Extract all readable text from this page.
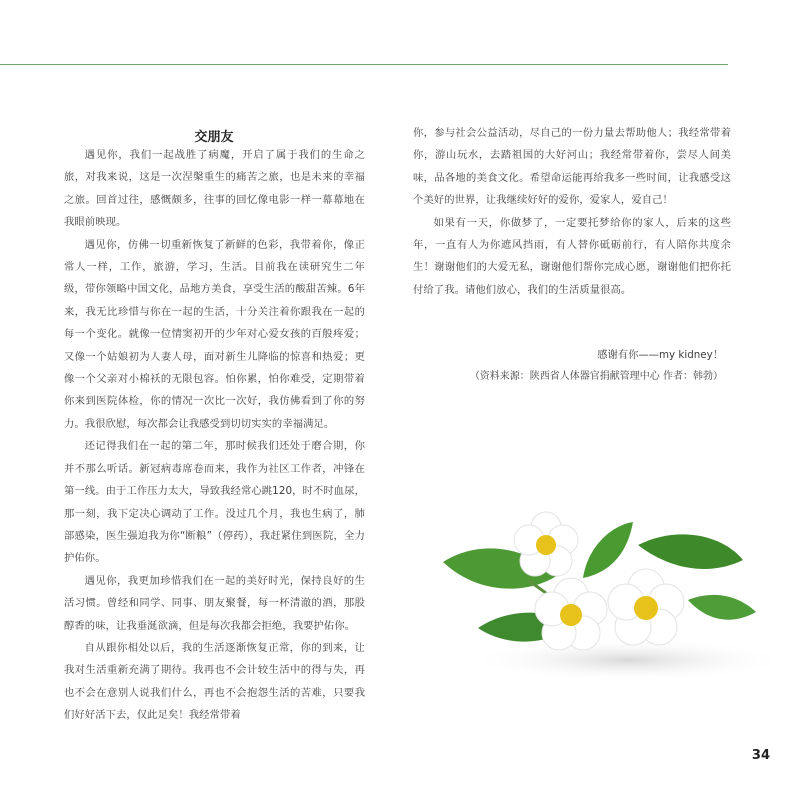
交朋友

遇见你，我们一起战胜了病魔，开启了属于我们的生命之旅，对我来说，这是一次涅槃重生的痛苦之旅，也是未来的幸福之旅。回首过往，感慨颇多，往事的回忆像电影一样一幕幕地在我眼前映现。

遇见你，仿佛一切重新恢复了新鲜的色彩，我带着你，像正常人一样，工作，旅游，学习，生活。目前我在读研究生二年级，带你领略中国文化，品地方美食，享受生活的酸甜苦辣。6年来，我无比珍惜与你在一起的生活，十分关注着你跟我在一起的每一个变化。就像一位情窦初开的少年对心爱女孩的百般疼爱；又像一个姑娘初为人妻人母，面对新生儿降临的惊喜和热爱；更像一个父亲对小棉袄的无限包容。怕你累，怕你难受，定期带着你来到医院体检，你的情况一次比一次好，我仿佛看到了你的努力。我很欣慰，每次都会让我感受到切切实实的幸福满足。

还记得我们在一起的第二年，那时候我们还处于磨合期，你并不那么听话。新冠病毒席卷而来，我作为社区工作者，冲锋在第一线。由于工作压力太大，导致我经常心跳120，时不时血尿，那一刻，我下定决心调动了工作。没过几个月，我也生病了，肺部感染，医生强迫我为你“断粮”（停药），我赶紧住到医院，全力护佑你。

遇见你，我更加珍惜我们在一起的美好时光，保持良好的生活习惯。曾经和同学、同事、朋友聚餐，每一杯清澈的酒，那股醇香的味，让我垂涎欲滴，但是每次我都会拒绝，我要护佑你。

自从跟你相处以后，我的生活逐渐恢复正常，你的到来，让我对生活重新充满了期待。我再也不会计较生活中的得与失，再也不会在意别人说我们什么，再也不会抱怨生活的苦难，只要我们好好活下去，仅此足矣！我经常带着

你，参与社会公益活动，尽自己的一份力量去帮助他人；我经常带着你，游山玩水，去踏祖国的大好河山；我经常带着你，尝尽人间美味，品各地的美食文化。希望命运能再给我多一些时间，让我感受这个美好的世界，让我继续好好的爱你，爱家人，爱自己！

如果有一天，你做梦了，一定要托梦给你的家人，后来的这些年，一直有人为你遮风挡雨，有人替你砥砺前行，有人陪你共度余生！谢谢他们的大爱无私，谢谢他们帮你完成心愿，谢谢他们把你托付给了我。请他们放心，我们的生活质量很高。

感谢有你——my kidney！
（资料来源：陕西省人体器官捐献管理中心 作者：韩勃）
34
